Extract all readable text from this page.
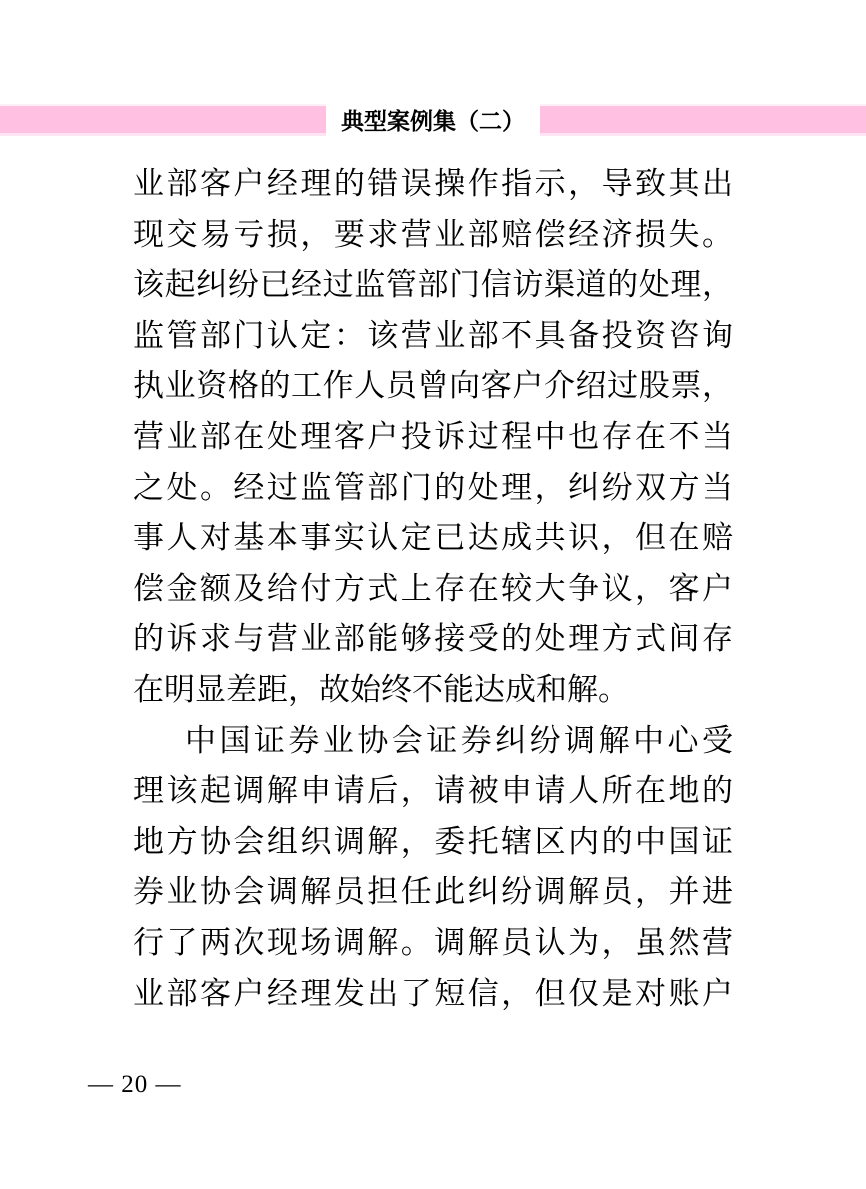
典型案例集（二）
业部客户经理的错误操作指示，导致其出
现交易亏损，要求营业部赔偿经济损失。
该起纠纷已经过监管部门信访渠道的处理，
监管部门认定：该营业部不具备投资咨询
执业资格的工作人员曾向客户介绍过股票，
营业部在处理客户投诉过程中也存在不当
之处。经过监管部门的处理，纠纷双方当
事人对基本事实认定已达成共识，但在赔
偿金额及给付方式上存在较大争议，客户
的诉求与营业部能够接受的处理方式间存
在明显差距，故始终不能达成和解。
中国证券业协会证券纠纷调解中心受
理该起调解申请后，请被申请人所在地的
地方协会组织调解，委托辖区内的中国证
券业协会调解员担任此纠纷调解员，并进
行了两次现场调解。调解员认为，虽然营
业部客户经理发出了短信，但仅是对账户
— 20 —
